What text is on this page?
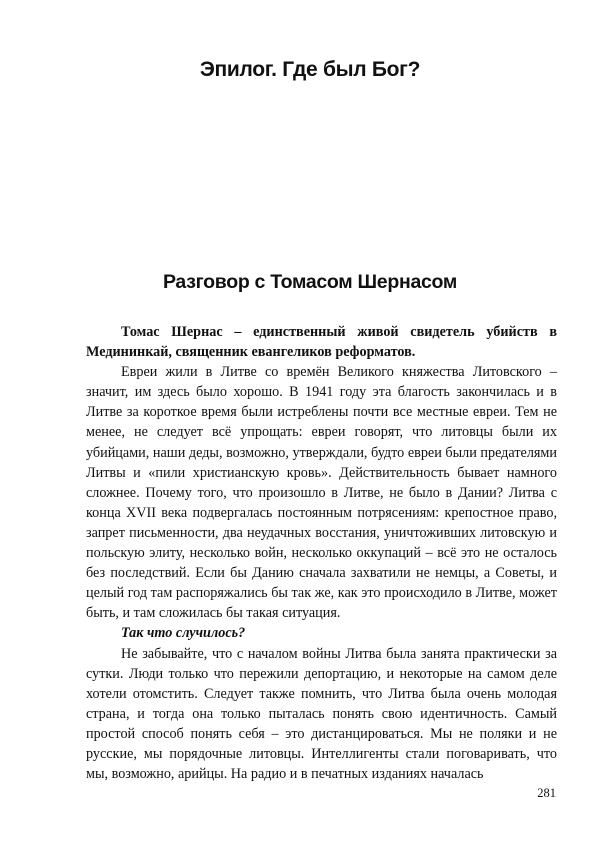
Эпилог. Где был Бог?
Разговор с Томасом Шернасом

Томас Шернас – единственный живой свидетель убийств в Медининкай, священник евангеликов реформатов.

Евреи жили в Литве со времён Великого княжества Литовского – значит, им здесь было хорошо. В 1941 году эта благость закончилась и в Литве за короткое время были истреблены почти все местные евреи. Тем не менее, не следует всё упрощать: евреи говорят, что литовцы были их убийцами, наши деды, возможно, утверждали, будто евреи были предателями Литвы и «пили христианскую кровь». Действительность бывает намного сложнее. Почему того, что произошло в Литве, не было в Дании? Литва с конца XVII века подвергалась постоянным потрясениям: крепостное право, запрет письменности, два неудачных восстания, уничтоживших литовскую и польскую элиту, несколько войн, несколько оккупаций – всё это не осталось без последствий. Если бы Данию сначала захватили не немцы, а Советы, и целый год там распоряжались бы так же, как это происходило в Литве, может быть, и там сложилась бы такая ситуация.

Так что случилось?

Не забывайте, что с началом войны Литва была занята практически за сутки. Люди только что пережили депортацию, и некоторые на самом деле хотели отомстить. Следует также помнить, что Литва была очень молодая страна, и тогда она только пыталась понять свою идентичность. Самый простой способ понять себя – это дистанцироваться. Мы не поляки и не русские, мы порядочные литовцы. Интеллигенты стали поговаривать, что мы, возможно, арийцы. На радио и в печатных изданиях началась

281
